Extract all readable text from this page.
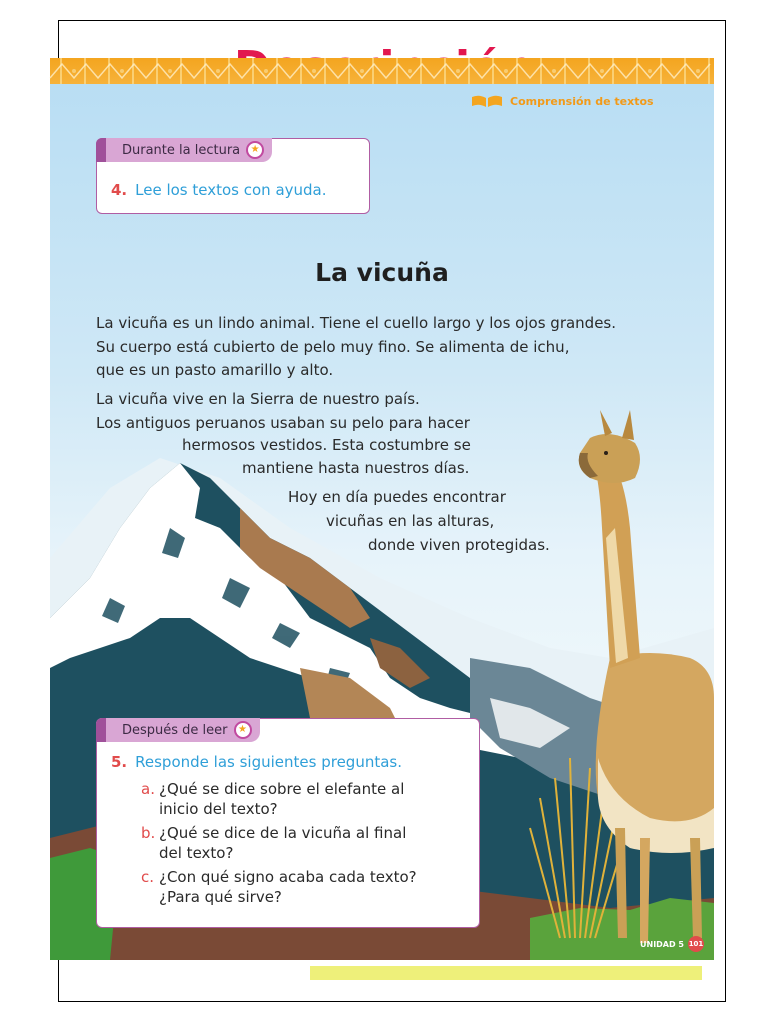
Comprensión de textos
Durante la lectura	★
4. Lee los textos con ayuda.
La vicuña
La vicuña es un lindo animal. Tiene el cuello largo y los ojos grandes.
Su cuerpo está cubierto de pelo muy fino. Se alimenta de ichu,
que es un pasto amarillo y alto.
La vicuña vive en la Sierra de nuestro país.
Los antiguos peruanos usaban su pelo para hacer
hermosos vestidos. Esta costumbre se
mantiene hasta nuestros días.
Hoy en día puedes encontrar
vicuñas en las alturas,
donde viven protegidas.
Después de leer	★
5. Responde las siguientes preguntas.
a. ¿Qué se dice sobre el elefante al
inicio del texto?
b. ¿Qué se dice de la vicuña al final
del texto?
c. ¿Con qué signo acaba cada texto?
¿Para qué sirve?
UNIDAD 5 101
